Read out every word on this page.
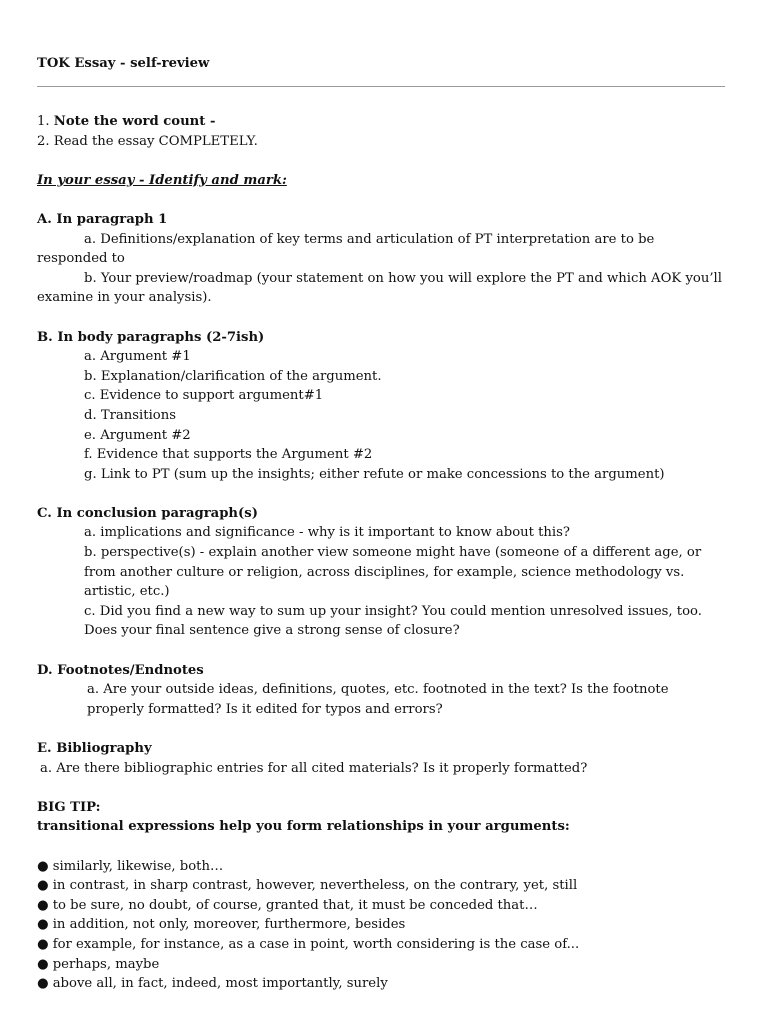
TOK Essay - self-review

1. Note the word count -

2. Read the essay COMPLETELY.

In your essay - Identify and mark:

A. In paragraph 1

a. Definitions/explanation of key terms and articulation of PT interpretation are to be responded to

b. Your preview/roadmap (your statement on how you will explore the PT and which AOK you’ll examine in your analysis).

B. In body paragraphs (2-7ish)

a. Argument #1

b. Explanation/clarification of the argument.

c. Evidence to support argument#1

d. Transitions

e. Argument #2

f. Evidence that supports the Argument #2

g. Link to PT (sum up the insights; either refute or make concessions to the argument)

C. In conclusion paragraph(s)

a. implications and significance - why is it important to know about this?

b. perspective(s) - explain another view someone might have (someone of a different age, or from another culture or religion, across disciplines, for example, science methodology vs. artistic, etc.)

c. Did you find a new way to sum up your insight? You could mention unresolved issues, too. Does your final sentence give a strong sense of closure?

D. Footnotes/Endnotes

a. Are your outside ideas, definitions, quotes, etc. footnoted in the text? Is the footnote properly formatted? Is it edited for typos and errors?

E. Bibliography

a. Are there bibliographic entries for all cited materials? Is it properly formatted?

BIG TIP:

transitional expressions help you form relationships in your arguments:

● similarly, likewise, both…

● in contrast, in sharp contrast, however, nevertheless, on the contrary, yet, still

● to be sure, no doubt, of course, granted that, it must be conceded that…

● in addition, not only, moreover, furthermore, besides

● for example, for instance, as a case in point, worth considering is the case of...

● perhaps, maybe

● above all, in fact, indeed, most importantly, surely
